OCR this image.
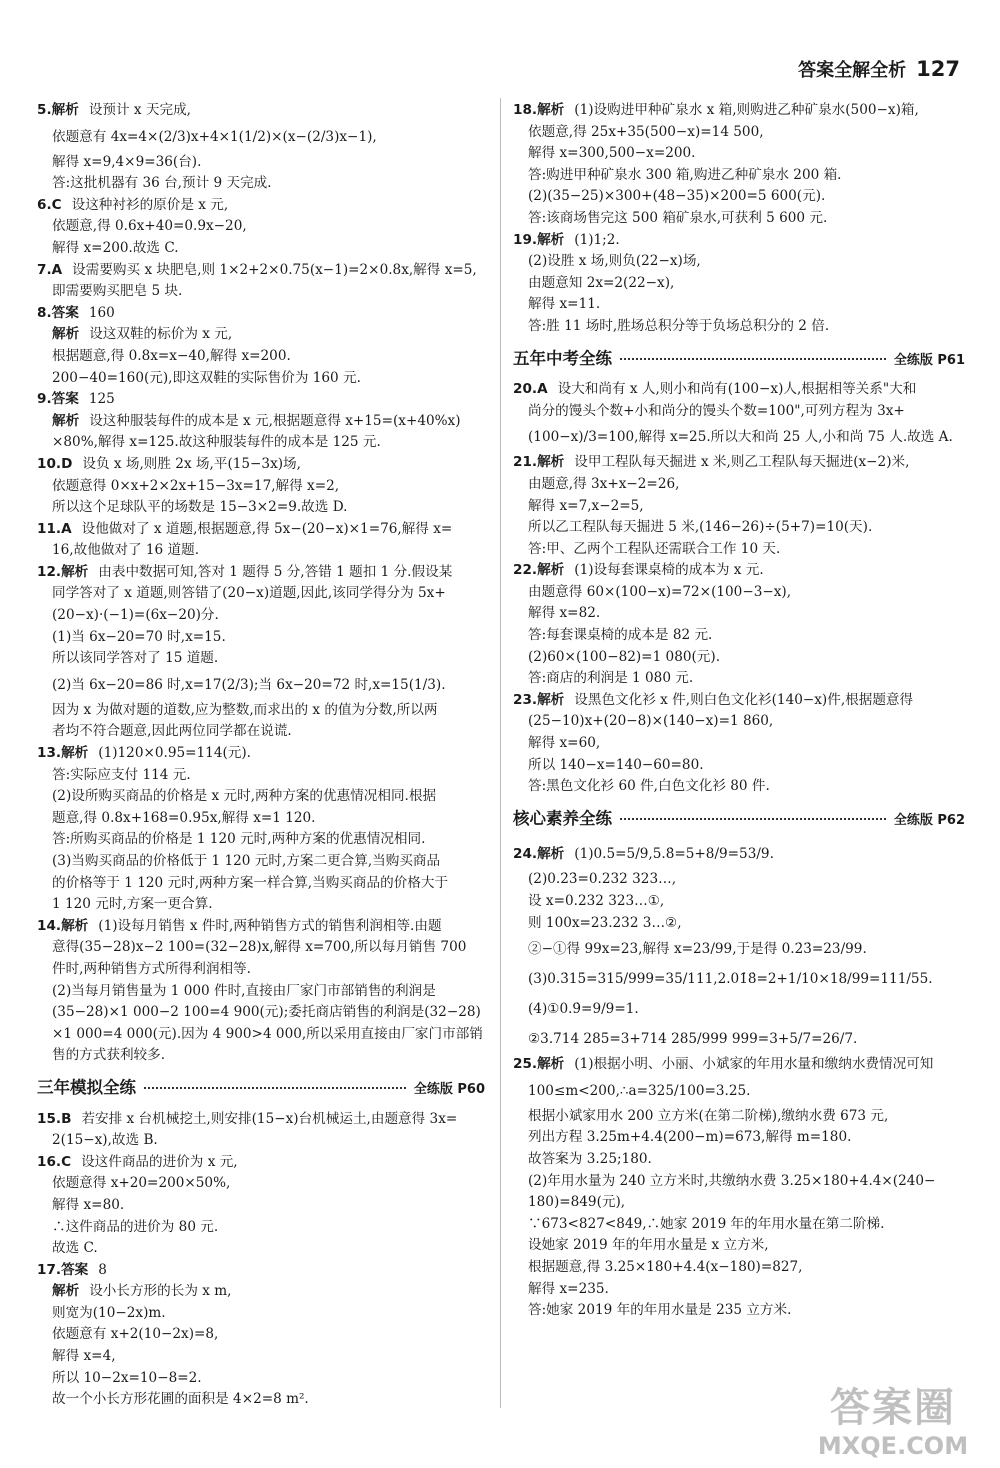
答案全解全析 127

5.解析 设预计 x 天完成,

依题意有 4x=4×(2/3)x+4×1(1/2)×(x−(2/3)x−1),

解得 x=9,4×9=36(台).

答:这批机器有 36 台,预计 9 天完成.

6.C 设这种衬衫的原价是 x 元,

依题意,得 0.6x+40=0.9x−20,

解得 x=200.故选 C.

7.A 设需要购买 x 块肥皂,则 1×2+2×0.75(x−1)=2×0.8x,解得 x=5,

即需要购买肥皂 5 块.

8.答案 160

解析 设这双鞋的标价为 x 元,

根据题意,得 0.8x=x−40,解得 x=200.

200−40=160(元),即这双鞋的实际售价为 160 元.

9.答案 125

解析 设这种服装每件的成本是 x 元,根据题意得 x+15=(x+40%x)

×80%,解得 x=125.故这种服装每件的成本是 125 元.

10.D 设负 x 场,则胜 2x 场,平(15−3x)场,

依题意得 0×x+2×2x+15−3x=17,解得 x=2,

所以这个足球队平的场数是 15−3×2=9.故选 D.

11.A 设他做对了 x 道题,根据题意,得 5x−(20−x)×1=76,解得 x=

16,故他做对了 16 道题.

12.解析 由表中数据可知,答对 1 题得 5 分,答错 1 题扣 1 分.假设某

同学答对了 x 道题,则答错了(20−x)道题,因此,该同学得分为 5x+

(20−x)·(−1)=(6x−20)分.

(1)当 6x−20=70 时,x=15.

所以该同学答对了 15 道题.

(2)当 6x−20=86 时,x=17(2/3);当 6x−20=72 时,x=15(1/3).

因为 x 为做对题的道数,应为整数,而求出的 x 的值为分数,所以两

者均不符合题意,因此两位同学都在说谎.

13.解析 (1)120×0.95=114(元).

答:实际应支付 114 元.

(2)设所购买商品的价格是 x 元时,两种方案的优惠情况相同.根据

题意,得 0.8x+168=0.95x,解得 x=1 120.

答:所购买商品的价格是 1 120 元时,两种方案的优惠情况相同.

(3)当购买商品的价格低于 1 120 元时,方案二更合算,当购买商品

的价格等于 1 120 元时,两种方案一样合算,当购买商品的价格大于

1 120 元时,方案一更合算.

14.解析 (1)设每月销售 x 件时,两种销售方式的销售利润相等.由题

意得(35−28)x−2 100=(32−28)x,解得 x=700,所以每月销售 700

件时,两种销售方式所得利润相等.

(2)当每月销售量为 1 000 件时,直接由厂家门市部销售的利润是

(35−28)×1 000−2 100=4 900(元);委托商店销售的利润是(32−28)

×1 000=4 000(元).因为 4 900>4 000,所以采用直接由厂家门市部销

售的方式获利较多.

三年模拟全练	全练版 P60

15.B 若安排 x 台机械挖土,则安排(15−x)台机械运土,由题意得 3x=

2(15−x),故选 B.

16.C 设这件商品的进价为 x 元,

依题意得 x+20=200×50%,

解得 x=80.

∴这件商品的进价为 80 元.

故选 C.

17.答案 8

解析 设小长方形的长为 x m,

则宽为(10−2x)m.

依题意有 x+2(10−2x)=8,

解得 x=4,

所以 10−2x=10−8=2.

故一个小长方形花圃的面积是 4×2=8 m².

18.解析 (1)设购进甲种矿泉水 x 箱,则购进乙种矿泉水(500−x)箱,

依题意,得 25x+35(500−x)=14 500,

解得 x=300,500−x=200.

答:购进甲种矿泉水 300 箱,购进乙种矿泉水 200 箱.

(2)(35−25)×300+(48−35)×200=5 600(元).

答:该商场售完这 500 箱矿泉水,可获利 5 600 元.

19.解析 (1)1;2.

(2)设胜 x 场,则负(22−x)场,

由题意知 2x=2(22−x),

解得 x=11.

答:胜 11 场时,胜场总积分等于负场总积分的 2 倍.

五年中考全练	全练版 P61

20.A 设大和尚有 x 人,则小和尚有(100−x)人,根据相等关系"大和

尚分的馒头个数+小和尚分的馒头个数=100",可列方程为 3x+

(100−x)/3=100,解得 x=25.所以大和尚 25 人,小和尚 75 人.故选 A.

21.解析 设甲工程队每天掘进 x 米,则乙工程队每天掘进(x−2)米,

由题意,得 3x+x−2=26,

解得 x=7,x−2=5,

所以乙工程队每天掘进 5 米,(146−26)÷(5+7)=10(天).

答:甲、乙两个工程队还需联合工作 10 天.

22.解析 (1)设每套课桌椅的成本为 x 元.

由题意得 60×(100−x)=72×(100−3−x),

解得 x=82.

答:每套课桌椅的成本是 82 元.

(2)60×(100−82)=1 080(元).

答:商店的利润是 1 080 元.

23.解析 设黑色文化衫 x 件,则白色文化衫(140−x)件,根据题意得

(25−10)x+(20−8)×(140−x)=1 860,

解得 x=60,

所以 140−x=140−60=80.

答:黑色文化衫 60 件,白色文化衫 80 件.

核心素养全练	全练版 P62

24.解析 (1)0.5̇=5/9,5.8̇=5+8/9=53/9.

(2)0.2̇3̇=0.232 323…,

设 x=0.232 323…①,

则 100x=23.232 3…②,

②−①得 99x=23,解得 x=23/99,于是得 0.2̇3̇=23/99.

(3)0.3̇15̇=315/999=35/111,2.01̇8̇=2+1/10×18/99=111/55.

(4)①0.9̇=9/9=1.

②3.7̇14 285̇=3+714 285/999 999=3+5/7=26/7.

25.解析 (1)根据小明、小丽、小斌家的年用水量和缴纳水费情况可知

100≤m<200,∴a=325/100=3.25.

根据小斌家用水 200 立方米(在第二阶梯),缴纳水费 673 元,

列出方程 3.25m+4.4(200−m)=673,解得 m=180.

故答案为 3.25;180.

(2)年用水量为 240 立方米时,共缴纳水费 3.25×180+4.4×(240−

180)=849(元),

∵673<827<849,∴她家 2019 年的年用水量在第二阶梯.

设她家 2019 年的年用水量是 x 立方米,

根据题意,得 3.25×180+4.4(x−180)=827,

解得 x=235.

答:她家 2019 年的年用水量是 235 立方米.

答案圈
MXQE.COM
